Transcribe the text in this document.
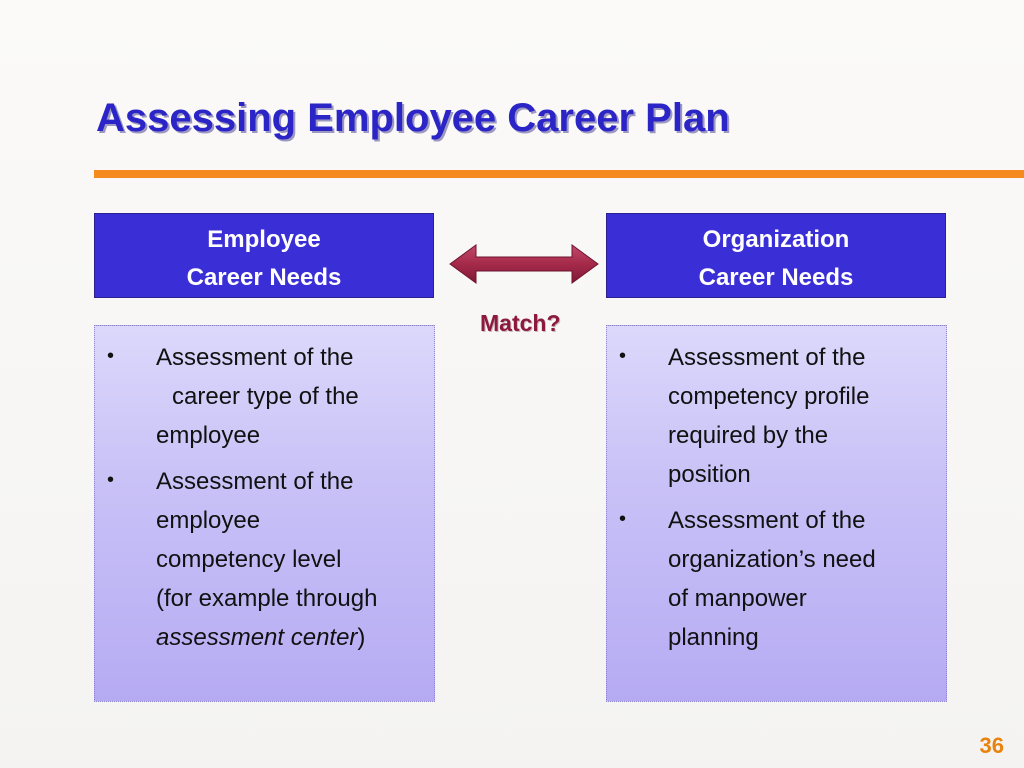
Assessing Employee Career Plan
Employee
Career Needs
Organization
Career Needs
Match?
• Assessment of the
career type of the
employee
• Assessment of the
employee
competency level
(for example through
assessment center)
• Assessment of the
competency profile
required by the
position
• Assessment of the
organization’s need
of manpower
planning
36
